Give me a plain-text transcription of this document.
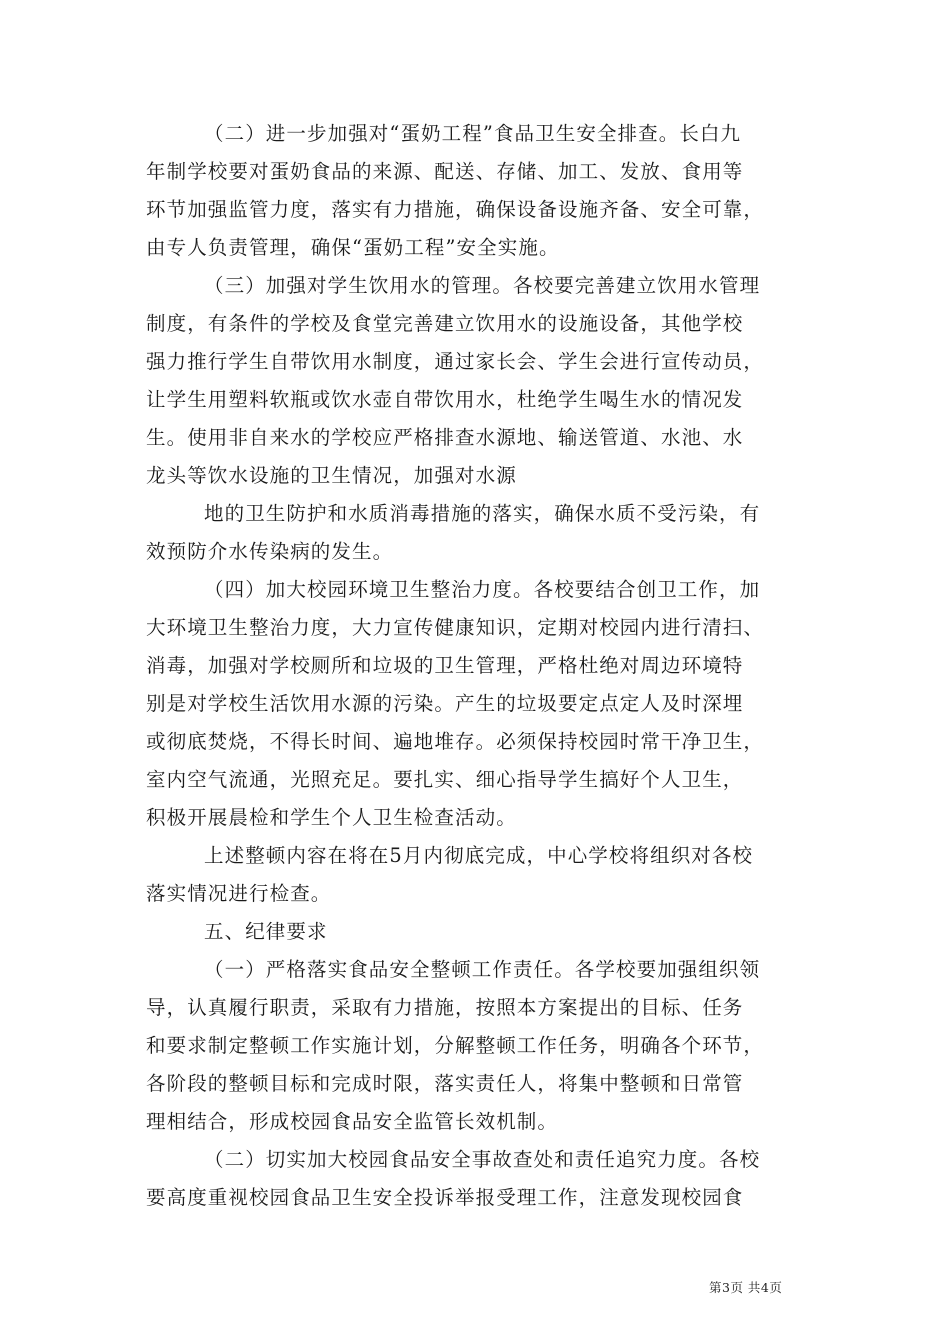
（二）进一步加强对“蛋奶工程”食品卫生安全排查。长白九
年制学校要对蛋奶食品的来源、配送、存储、加工、发放、食用等
环节加强监管力度，落实有力措施，确保设备设施齐备、安全可靠，
由专人负责管理，确保“蛋奶工程”安全实施。
（三）加强对学生饮用水的管理。各校要完善建立饮用水管理
制度，有条件的学校及食堂完善建立饮用水的设施设备，其他学校
强力推行学生自带饮用水制度，通过家长会、学生会进行宣传动员，
让学生用塑料软瓶或饮水壶自带饮用水，杜绝学生喝生水的情况发
生。使用非自来水的学校应严格排查水源地、输送管道、水池、水
龙头等饮水设施的卫生情况，加强对水源
地的卫生防护和水质消毒措施的落实，确保水质不受污染，有
效预防介水传染病的发生。
（四）加大校园环境卫生整治力度。各校要结合创卫工作，加
大环境卫生整治力度，大力宣传健康知识，定期对校园内进行清扫、
消毒，加强对学校厕所和垃圾的卫生管理，严格杜绝对周边环境特
别是对学校生活饮用水源的污染。产生的垃圾要定点定人及时深埋
或彻底焚烧，不得长时间、遍地堆存。必须保持校园时常干净卫生，
室内空气流通，光照充足。要扎实、细心指导学生搞好个人卫生，
积极开展晨检和学生个人卫生检查活动。
上述整顿内容在将在5月内彻底完成，中心学校将组织对各校
落实情况进行检查。
五、纪律要求
（一）严格落实食品安全整顿工作责任。各学校要加强组织领
导，认真履行职责，采取有力措施，按照本方案提出的目标、任务
和要求制定整顿工作实施计划，分解整顿工作任务，明确各个环节，
各阶段的整顿目标和完成时限，落实责任人，将集中整顿和日常管
理相结合，形成校园食品安全监管长效机制。
（二）切实加大校园食品安全事故查处和责任追究力度。各校
要高度重视校园食品卫生安全投诉举报受理工作，注意发现校园食
第3页 共4页
